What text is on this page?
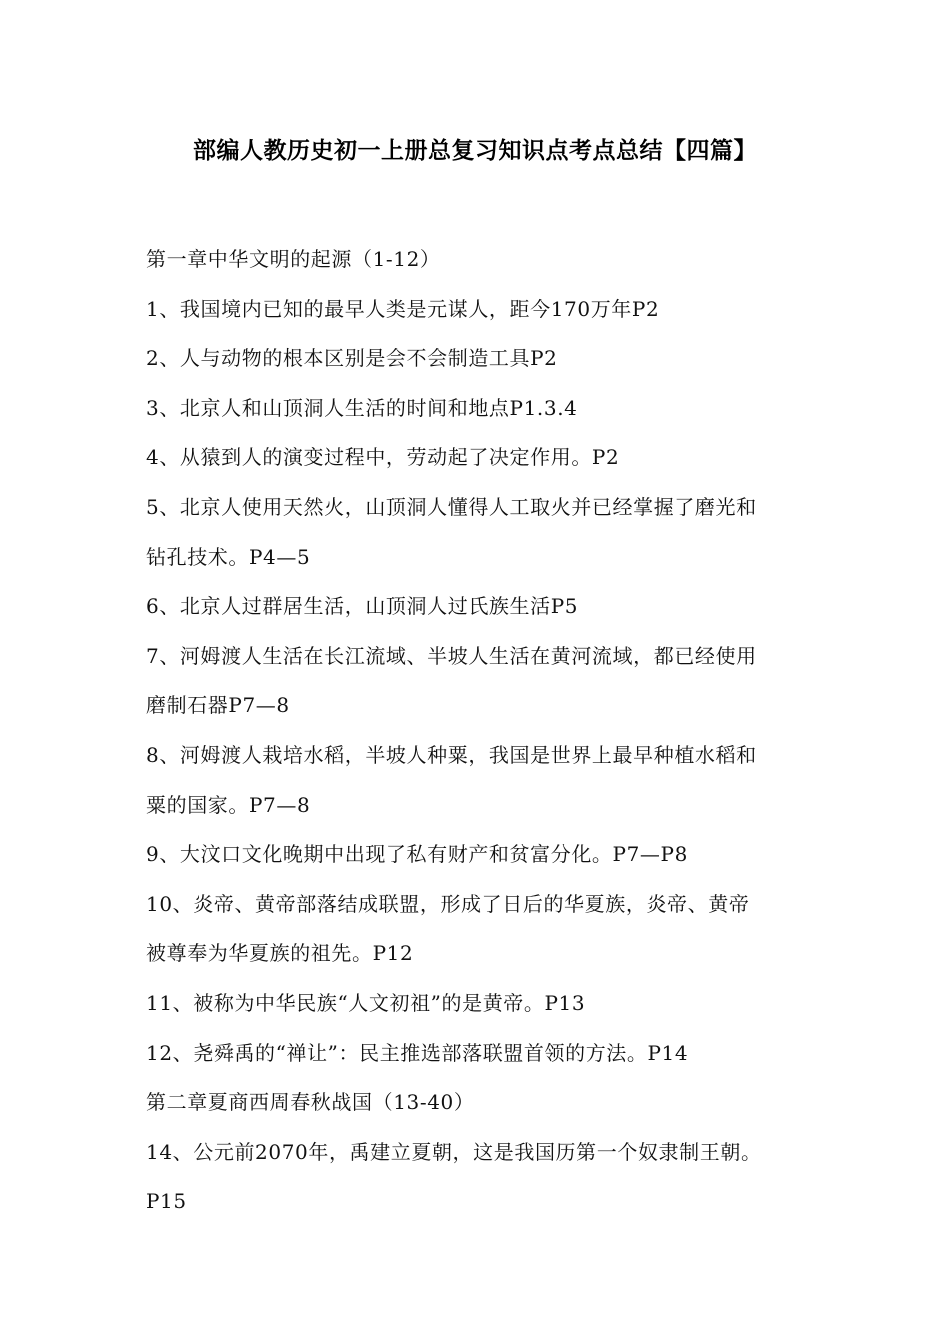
部编人教历史初一上册总复习知识点考点总结【四篇】
第一章中华文明的起源（1-12）
1、我国境内已知的最早人类是元谋人，距今170万年P2
2、人与动物的根本区别是会不会制造工具P2
3、北京人和山顶洞人生活的时间和地点P1.3.4
4、从猿到人的演变过程中，劳动起了决定作用。P2
5、北京人使用天然火，山顶洞人懂得人工取火并已经掌握了磨光和
钻孔技术。P4—5
6、北京人过群居生活，山顶洞人过氏族生活P5
7、河姆渡人生活在长江流域、半坡人生活在黄河流域，都已经使用
磨制石器P7—8
8、河姆渡人栽培水稻，半坡人种粟，我国是世界上最早种植水稻和
粟的国家。P7—8
9、大汶口文化晚期中出现了私有财产和贫富分化。P7—P8
10、炎帝、黄帝部落结成联盟，形成了日后的华夏族，炎帝、黄帝
被尊奉为华夏族的祖先。P12
11、被称为中华民族“人文初祖”的是黄帝。P13
12、尧舜禹的“禅让”：民主推选部落联盟首领的方法。P14
第二章夏商西周春秋战国（13-40）
14、公元前2070年，禹建立夏朝，这是我国历第一个奴隶制王朝。
P15
